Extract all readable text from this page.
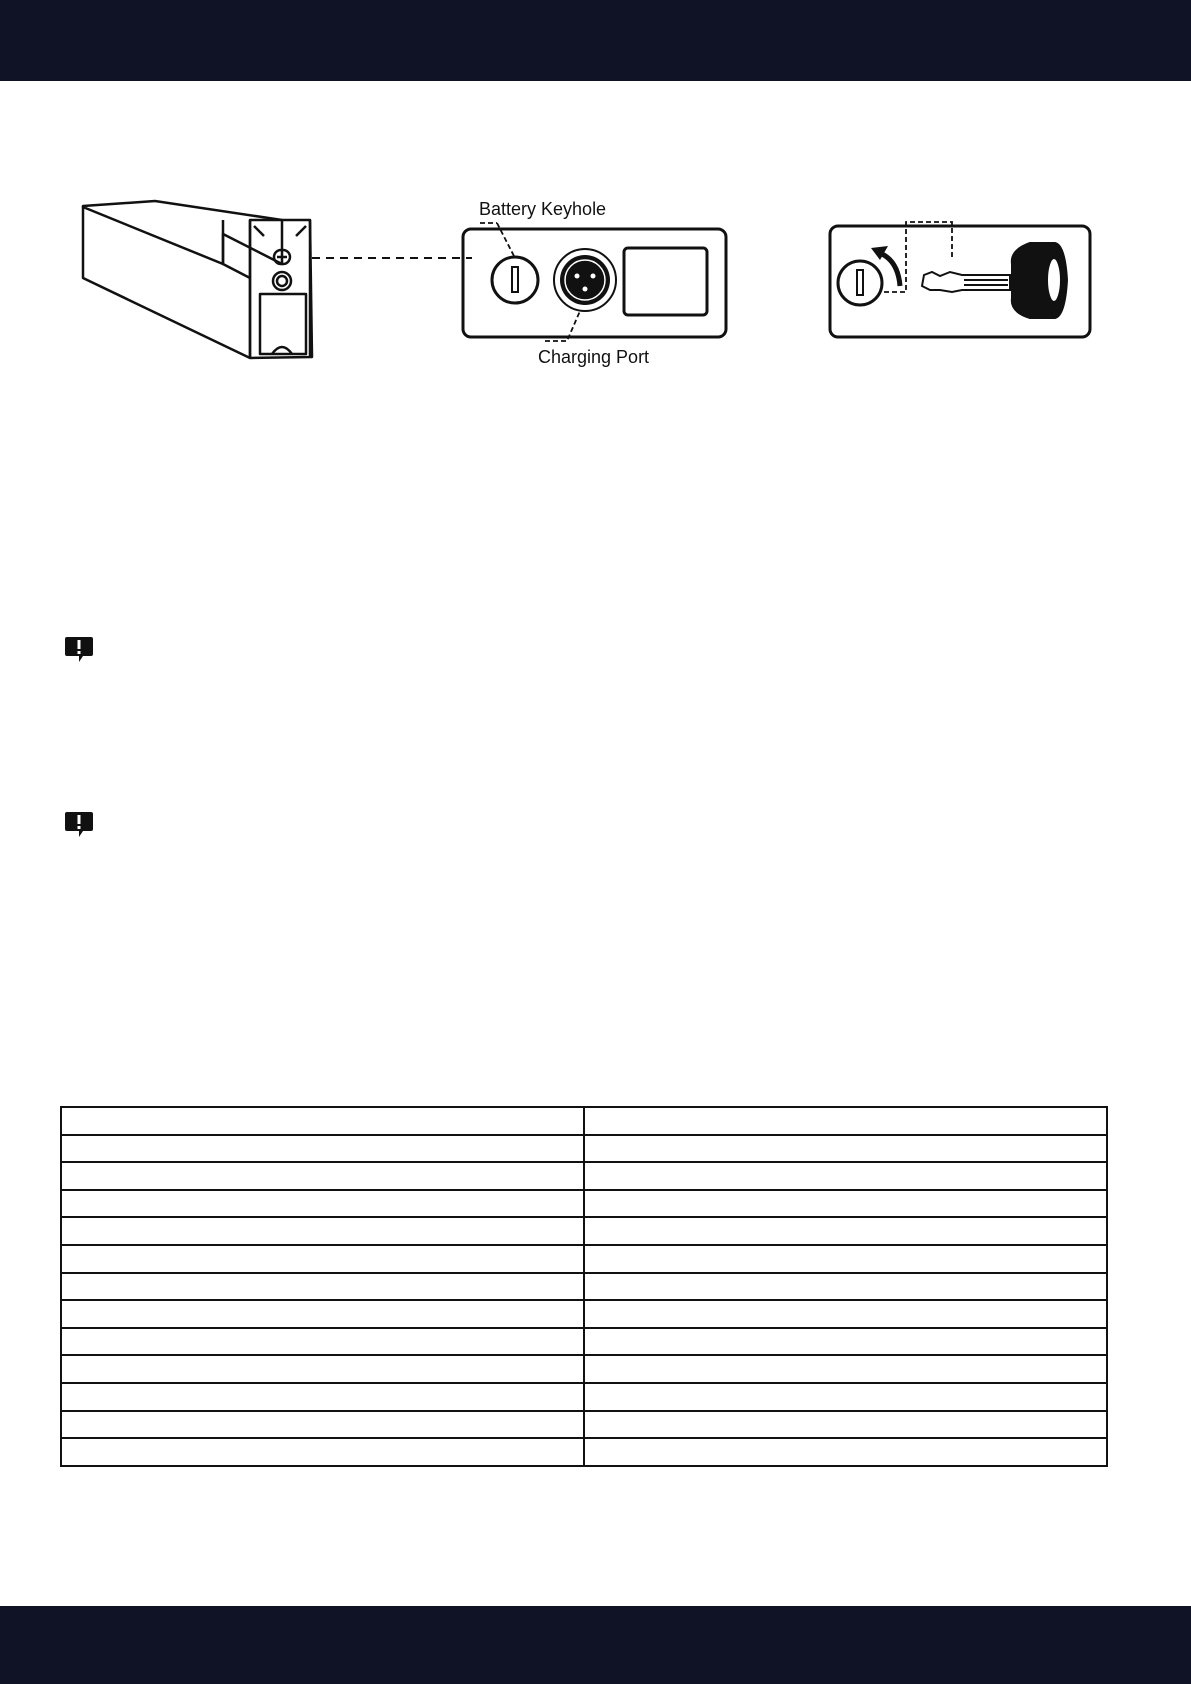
Battery Keyhole
Charging Port
